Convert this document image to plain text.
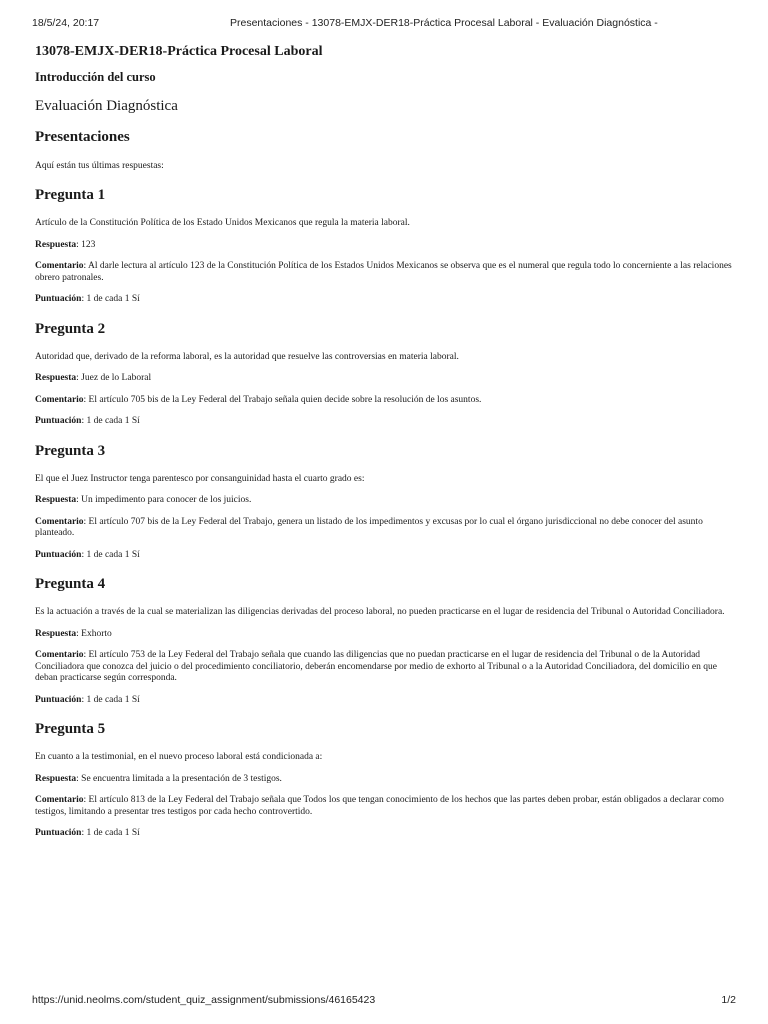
18/5/24, 20:17	Presentaciones - 13078-EMJX-DER18-Práctica Procesal Laboral - Evaluación Diagnóstica -
13078-EMJX-DER18-Práctica Procesal Laboral
Introducción del curso
Evaluación Diagnóstica
Presentaciones

Aquí están tus últimas respuestas:

Pregunta 1

Artículo de la Constitución Política de los Estado Unidos Mexicanos que regula la materia laboral.

Respuesta: 123

Comentario: Al darle lectura al artículo 123 de la Constitución Política de los Estados Unidos Mexicanos se observa que es el numeral que regula todo lo concerniente a las relaciones obrero patronales.

Puntuación: 1 de cada 1 Sí

Pregunta 2

Autoridad que, derivado de la reforma laboral, es la autoridad que resuelve las controversias en materia laboral.

Respuesta: Juez de lo Laboral

Comentario: El artículo 705 bis de la Ley Federal del Trabajo señala quien decide sobre la resolución de los asuntos.

Puntuación: 1 de cada 1 Sí

Pregunta 3

El que el Juez Instructor tenga parentesco por consanguinidad hasta el cuarto grado es:

Respuesta: Un impedimento para conocer de los juicios.

Comentario: El artículo 707 bis de la Ley Federal del Trabajo, genera un listado de los impedimentos y excusas por lo cual el órgano jurisdiccional no debe conocer del asunto planteado.

Puntuación: 1 de cada 1 Sí

Pregunta 4

Es la actuación a través de la cual se materializan las diligencias derivadas del proceso laboral, no pueden practicarse en el lugar de residencia del Tribunal o Autoridad Conciliadora.

Respuesta: Exhorto

Comentario: El artículo 753 de la Ley Federal del Trabajo señala que cuando las diligencias que no puedan practicarse en el lugar de residencia del Tribunal o de la Autoridad Conciliadora que conozca del juicio o del procedimiento conciliatorio, deberán encomendarse por medio de exhorto al Tribunal o a la Autoridad Conciliadora, del domicilio en que deban practicarse según corresponda.

Puntuación: 1 de cada 1 Sí

Pregunta 5

En cuanto a la testimonial, en el nuevo proceso laboral está condicionada a:

Respuesta: Se encuentra limitada a la presentación de 3 testigos.

Comentario: El artículo 813 de la Ley Federal del Trabajo señala que Todos los que tengan conocimiento de los hechos que las partes deben probar, están obligados a declarar como testigos, limitando a presentar tres testigos por cada hecho controvertido.

Puntuación: 1 de cada 1 Sí

https://unid.neolms.com/student_quiz_assignment/submissions/46165423	1/2
